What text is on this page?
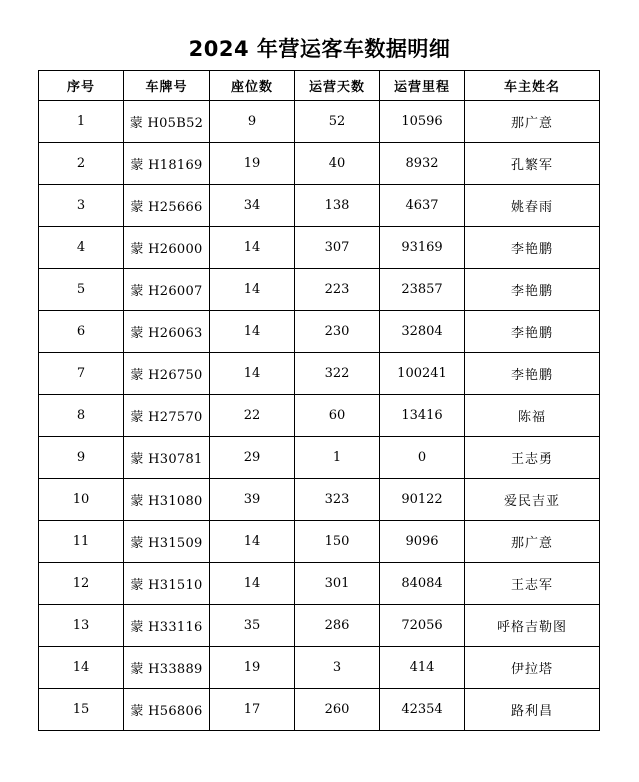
2024 年营运客车数据明细
序号	车牌号	座位数	运营天数	运营里程	车主姓名
1	蒙 H05B52	9	52	10596	那广意
2	蒙 H18169	19	40	8932	孔繁军
3	蒙 H25666	34	138	4637	姚春雨
4	蒙 H26000	14	307	93169	李艳鹏
5	蒙 H26007	14	223	23857	李艳鹏
6	蒙 H26063	14	230	32804	李艳鹏
7	蒙 H26750	14	322	100241	李艳鹏
8	蒙 H27570	22	60	13416	陈福
9	蒙 H30781	29	1	0	王志勇
10	蒙 H31080	39	323	90122	爱民吉亚
11	蒙 H31509	14	150	9096	那广意
12	蒙 H31510	14	301	84084	王志军
13	蒙 H33116	35	286	72056	呼格吉勒图
14	蒙 H33889	19	3	414	伊拉塔
15	蒙 H56806	17	260	42354	路利昌
